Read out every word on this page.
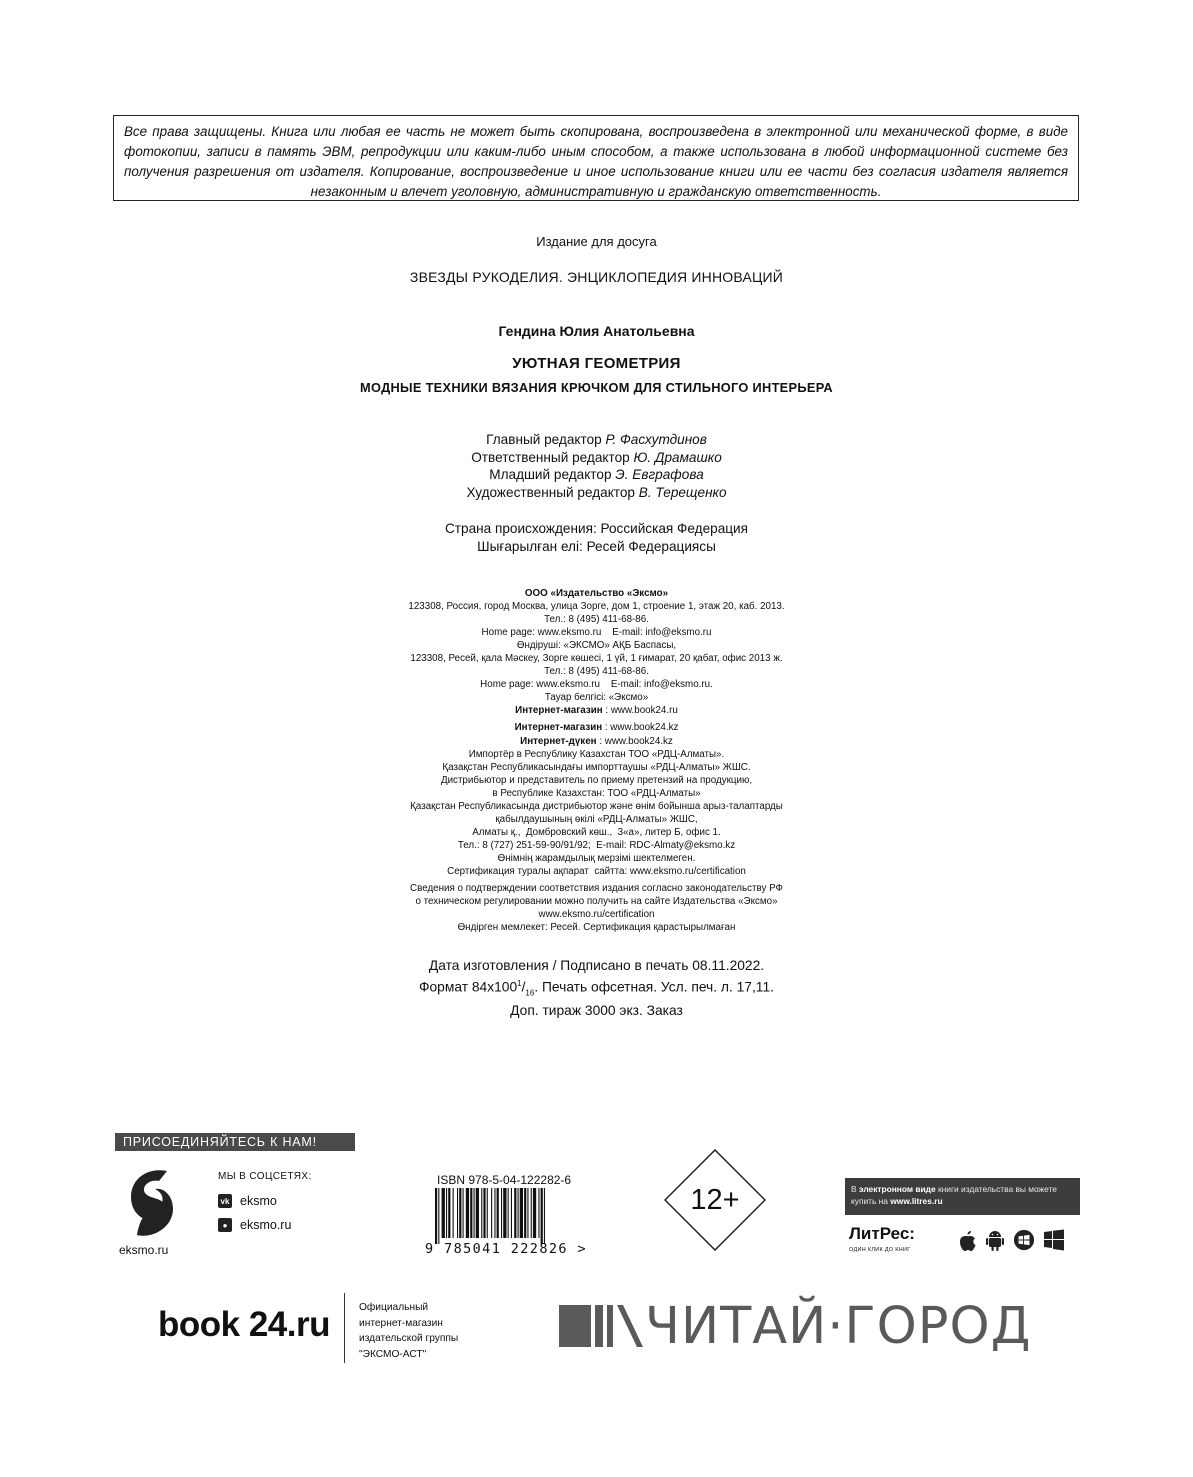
Все права защищены. Книга или любая ее часть не может быть скопирована, воспроизведена в электронной или механической форме, в виде фотокопии, записи в память ЭВМ, репродукции или каким-либо иным способом, а также использована в любой информационной системе без получения разрешения от издателя. Копирование, воспроизведение и иное использование книги или ее части без согласия издателя является незаконным и влечет уголовную, административную и гражданскую ответственность.
Издание для досуга
ЗВЕЗДЫ РУКОДЕЛИЯ. ЭНЦИКЛОПЕДИЯ ИННОВАЦИЙ
Гендина Юлия Анатольевна
УЮТНАЯ ГЕОМЕТРИЯ
МОДНЫЕ ТЕХНИКИ ВЯЗАНИЯ КРЮЧКОМ ДЛЯ СТИЛЬНОГО ИНТЕРЬЕРА
Главный редактор Р. Фасхутдинов
Ответственный редактор Ю. Драмашко
Младший редактор Э. Евграфова
Художественный редактор В. Терещенко
Страна происхождения: Российская Федерация
Шығарылған елі: Ресей Федерациясы
ООО «Издательство «Эксмо»
123308, Россия, город Москва, улица Зорге, дом 1, строение 1, этаж 20, каб. 2013.
Тел.: 8 (495) 411-68-86.
Home page: www.eksmo.ru    E-mail: info@eksmo.ru
Өндіруші: «ЭКСМО» АҚБ Баспасы,
123308, Ресей, қала Мәскеу, Зорге көшесі, 1 үй, 1 ғимарат, 20 қабат, офис 2013 ж.
Тел.: 8 (495) 411-68-86.
Home page: www.eksmo.ru    E-mail: info@eksmo.ru.
Тауар белгісі: «Эксмо»
Интернет-магазин : www.book24.ru
Интернет-магазин : www.book24.kz
Интернет-дүкен : www.book24.kz
Импортёр в Республику Казахстан ТОО «РДЦ-Алматы».
Қазақстан Республикасындағы импорттаушы «РДЦ-Алматы» ЖШС.
Дистрибьютор и представитель по приему претензий на продукцию,
в Республике Казахстан: ТОО «РДЦ-Алматы»
Қазақстан Республикасында дистрибьютор және өнім бойынша арыз-талаптарды
қабылдаушының өкілі «РДЦ-Алматы» ЖШС,
Алматы қ.,  Домбровский көш.,  3«а», литер Б, офис 1.
Тел.: 8 (727) 251-59-90/91/92;  E-mail: RDC-Almaty@eksmo.kz
Өнімнің жарамдылық мерзімі шектелмеген.
Сертификация туралы ақпарат  сайтта: www.eksmo.ru/certification
Сведения о подтверждении соответствия издания согласно законодательству РФ
о техническом регулировании можно получить на сайте Издательства «Эксмо»
www.eksmo.ru/certification
Өндірген мемлекет: Ресей. Сертификация қарастырылмаған
Дата изготовления / Подписано в печать 08.11.2022.
Формат $84x100^1/_{16}$. Печать офсетная. Усл. печ. л. 17,11.
Доп. тираж 3000 экз. Заказ
ПРИСОЕДИНЯЙТЕСЬ К НАМ!
eksmo.ru
МЫ В СОЦСЕТЯХ:
vk eksmo
●	eksmo.ru
ISBN 978-5-04-122282-6
9 785041 222826 >
12+	В электронном виде книги издательства вы можете купить на www.litres.ru
ЛитРес:
ОДИН КЛИК ДО КНИГ
book 24.ru	Официальный
интернет-магазин
издательской группы
"ЭКСМО-АСТ"	ЧИТАЙ·ГОРОД
